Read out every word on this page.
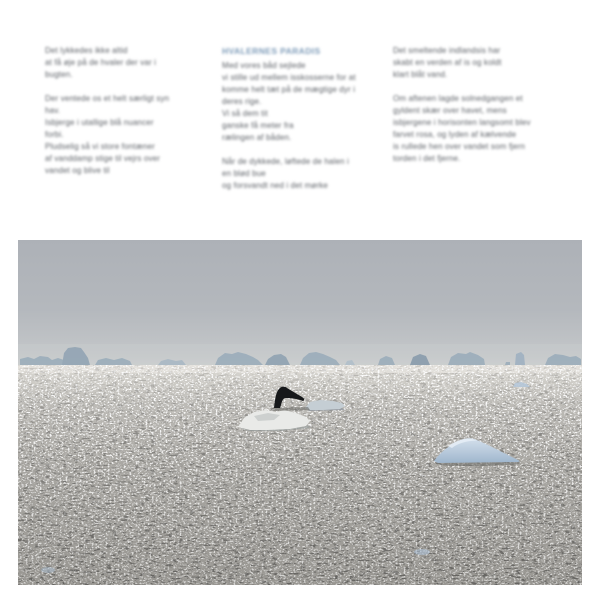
Det lykkedes ikke altid
at få øje på de hvaler der var i
bugten.
Der ventede os et helt særligt syn
hav.
Isbjerge i utallige blå nuancer
forbi.
Pludselig så vi store fontæner
af vanddamp stige til vejrs over
vandet og blive til
HVALERNES PARADIS
Med vores båd sejlede
vi stille ud mellem isskosserne for at
komme helt tæt på de mægtige dyr i
deres rige.
Vi så dem tit
ganske få meter fra
rælingen af båden.
Når de dykkede, løftede de halen i
en blød bue
og forsvandt ned i det mørke
Det smeltende indlandsis har
skabt en verden af is og koldt
klart blåt vand.
Om aftenen lagde solnedgangen et
gyldent skær over havet, mens
isbjergene i horisonten langsomt blev
farvet rosa, og lyden af kælvende
is rullede hen over vandet som fjern
torden i det fjerne.
